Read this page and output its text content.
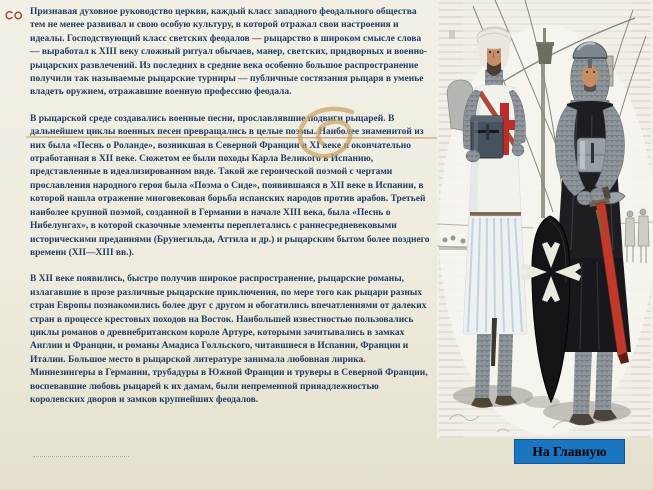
Признавая духовное руководство церкви, каждый класс западного феодального общества тем не менее развивал и свою особую культуру, в которой отражал свои настроения и идеалы. Господствующий класс светских феодалов — рыцарство в широком смысле слова — выработал к XIII веку сложный ритуал обычаев, манер, светских, придворных и военно-рыцарских развлечений. Из последних в средние века особенно большое распространение получили так называемые рыцарские турниры — публичные состязания рыцаря в уменье владеть оружием, отражавшие военную профессию феодала.

В рыцарской среде создавались военные песни, прославлявшие подвиги рыцарей. В дальнейшем циклы военных песен превращались в целые поэмы. Наиболее знаменитой из них была «Песнь о Роланде», возникшая в Северной Франции в XI веке и окончательно отработанная в XII веке. Сюжетом ее были походы Карла Великого в Испанию, представленные в идеализированном виде. Такой же героической поэмой с чертами прославления народного героя была «Поэма о Сиде», появившаяся в XII веке в Испании, в которой нашла отражение многовековая борьба испанских народов против арабов. Третьей наиболее крупной поэмой, созданной в Германии в начале XIII века, была «Песнь о Нибелунгах», в которой сказочные элементы переплетались с раннесредневековыми историческими преданиями (Брунегильда, Аттила и др.) и рыцарским бытом более позднего времени (XII—XIII вв.).

В XII веке появились, быстро получив широкое распространение, рыцарские романы, излагавшие в прозе различные рыцарские приключения, по мере того как рыцари разных стран Европы познакомились более друг с другом и обогатились впечатлениями от далеких стран в процессе крестовых походов на Восток. Наибольшей известностью пользовались циклы романов о древнебританском короле Артуре, которыми зачитывались в замках Англии и Франции, и романы Амадиса Голльского, читавшиеся в Испании, Франции и Италии. Большое место в рыцарской литературе занимала любовная лирика. Миннезингеры в Германии, трубадуры в Южной Франции и труверы в Северной Франции, воспевавшие любовь рыцарей к их дамам, были непременной прияадлежностью королевских дворов и замков крупнейших феодалов.

На Главную
